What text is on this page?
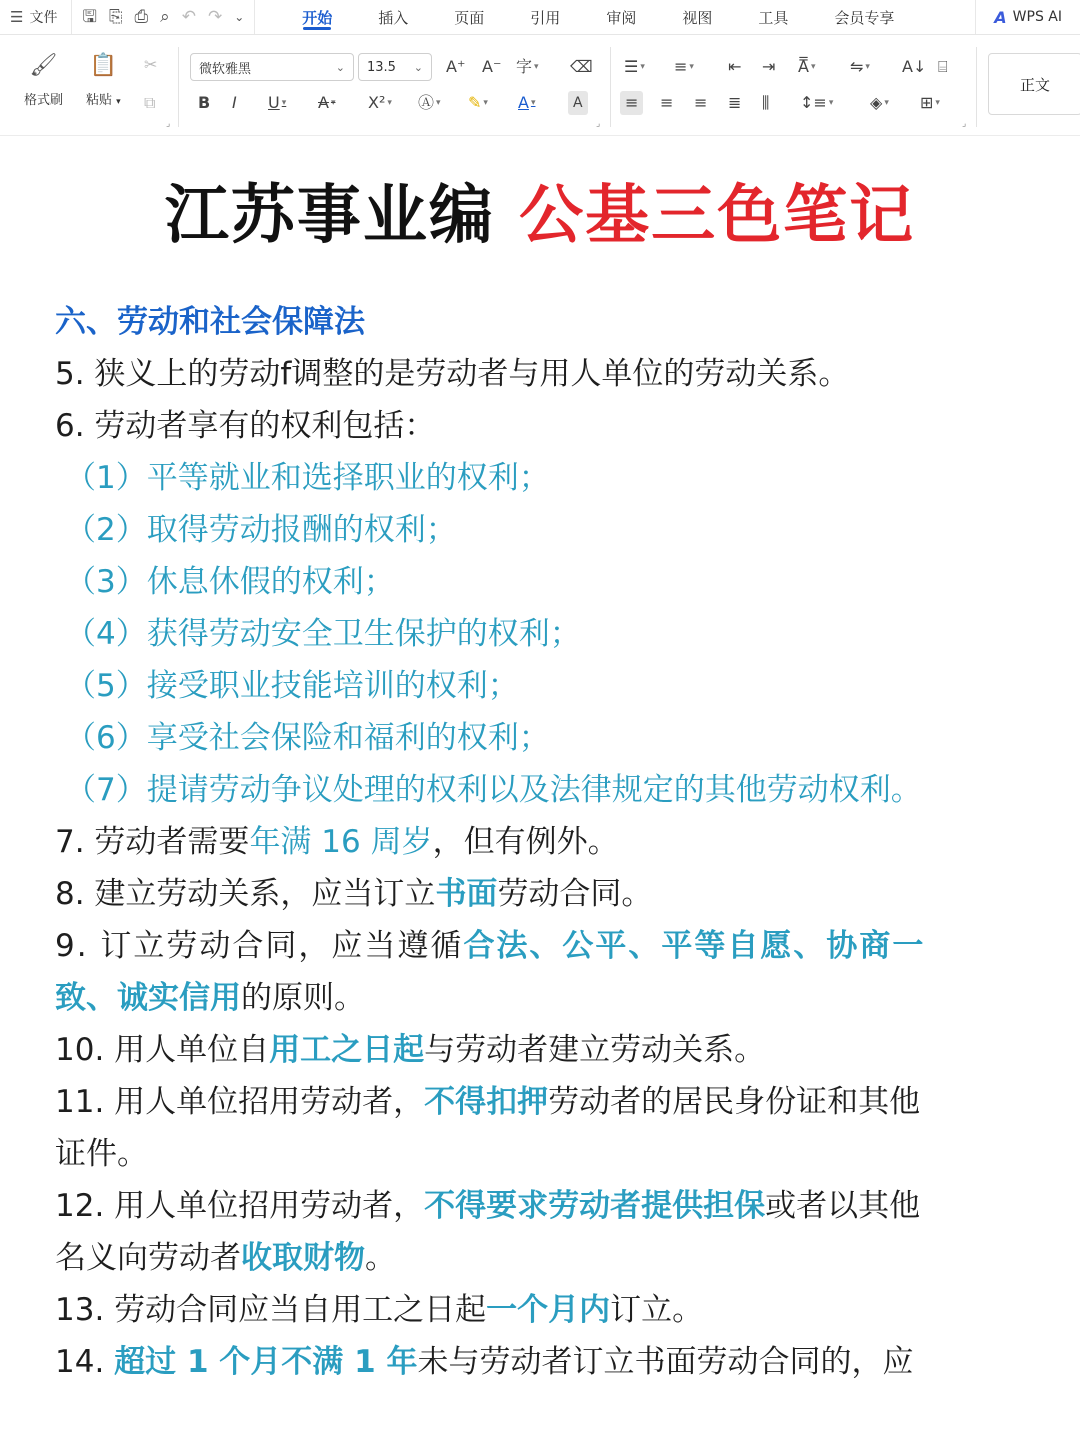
☰ 文件 🖫 ⎘ ⎙ ⌕ ↶ ↷ ⌄	开始	插入	页面	引用	审阅	视图	工具	会员专享	A WPS AI
🖌
格式刷
📋
粘贴 ▾
✂
⧉
⌟
微软雅黑	⌄ 13.5 ⌄ A⁺ A⁻ 字 ▾ ⌫
B I U ▾ A ▾ X² ▾ Ⓐ ▾ ✎ ▾ A ▾	A
⌟
☰ ▾ ≡ ▾ ⇤ ⇥ A̿ ▾ ⇋ ▾ A↓ ⌸
≡	≡ ≡ ≣ ⫼ ↕≡ ▾ ◈ ▾ ⊞ ▾
⌟
正文
江苏事业编 公基三色笔记
六、劳动和社会保障法
5. 狭义上的劳动f调整的是劳动者与用人单位的劳动关系。
6. 劳动者享有的权利包括：
（1）平等就业和选择职业的权利；
（2）取得劳动报酬的权利；
（3）休息休假的权利；
（4）获得劳动安全卫生保护的权利；
（5）接受职业技能培训的权利；
（6）享受社会保险和福利的权利；
（7）提请劳动争议处理的权利以及法律规定的其他劳动权利。
7. 劳动者需要年满 16 周岁，但有例外。
8. 建立劳动关系，应当订立书面劳动合同。
9. 订立劳动合同，应当遵循合法、公平、平等自愿、协商一
致、诚实信用的原则。
10. 用人单位自用工之日起与劳动者建立劳动关系。
11. 用人单位招用劳动者，不得扣押劳动者的居民身份证和其他
证件。
12. 用人单位招用劳动者，不得要求劳动者提供担保或者以其他
名义向劳动者收取财物。
13. 劳动合同应当自用工之日起一个月内订立。
14. 超过 1 个月不满 1 年未与劳动者订立书面劳动合同的，应
